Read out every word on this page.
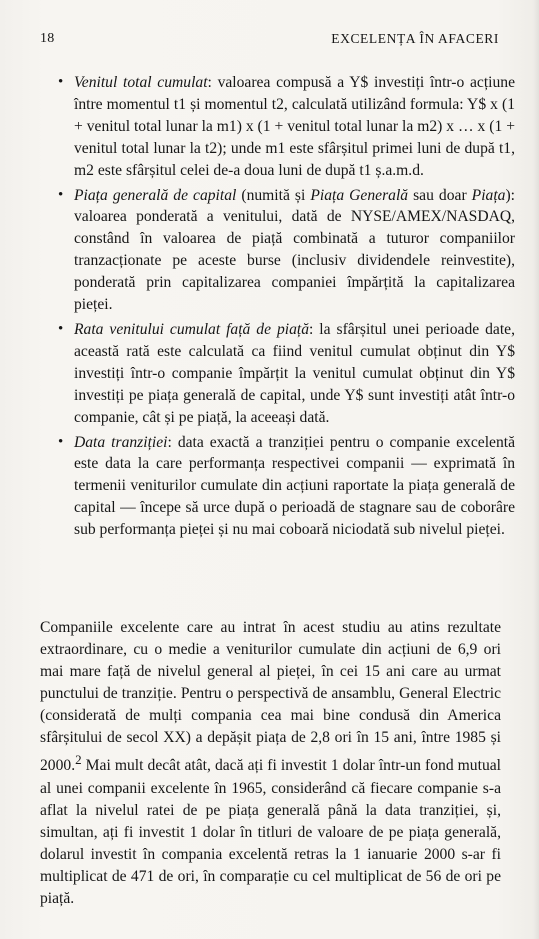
18	EXCELENȚA ÎN AFACERI
• Venitul total cumulat: valoarea compusă a Y$ investiți într-o acțiune între momentul t1 și momentul t2, calculată utilizând formula: Y$ x (1 + venitul total lunar la m1) x (1 + venitul total lunar la m2) x … x (1 + venitul total lunar la t2); unde m1 este sfârșitul primei luni de după t1, m2 este sfârșitul celei de-a doua luni de după t1 ș.a.m.d.
• Piața generală de capital (numită și Piața Generală sau doar Piața): valoarea ponderată a venitului, dată de NYSE/AMEX/NASDAQ, constând în valoarea de piață combinată a tuturor companiilor tranzacționate pe aceste burse (inclusiv dividendele reinvestite), ponderată prin capitalizarea companiei împărțită la capitalizarea pieței.
• Rata venitului cumulat față de piață: la sfârșitul unei perioade date, această rată este calculată ca fiind venitul cumulat obținut din Y$ investiți într-o companie împărțit la venitul cumulat obținut din Y$ investiți pe piața generală de capital, unde Y$ sunt investiți atât într-o companie, cât și pe piață, la aceeași dată.
• Data tranziției: data exactă a tranziției pentru o companie excelentă este data la care performanța respectivei companii — exprimată în termenii veniturilor cumulate din acțiuni raportate la piața generală de capital — începe să urce după o perioadă de stagnare sau de coborâre sub performanța pieței și nu mai coboară niciodată sub nivelul pieței.

Companiile excelente care au intrat în acest studiu au atins rezultate extraordinare, cu o medie a veniturilor cumulate din acțiuni de 6,9 ori mai mare față de nivelul general al pieței, în cei 15 ani care au urmat punctului de tranziție. Pentru o perspectivă de ansamblu, General Electric (considerată de mulți compania cea mai bine condusă din America sfârșitului de secol XX) a depășit piața de 2,8 ori în 15 ani, între 1985 și 2000.$^2$ Mai mult decât atât, dacă ați fi investit 1 dolar într-un fond mutual al unei companii excelente în 1965, considerând că fiecare companie s-a aflat la nivelul ratei de pe piața generală până la data tranziției, și, simultan, ați fi investit 1 dolar în titluri de valoare de pe piața generală, dolarul investit în compania excelentă retras la 1 ianuarie 2000 s-ar fi multiplicat de 471 de ori, în comparație cu cel multiplicat de 56 de ori pe piață.
